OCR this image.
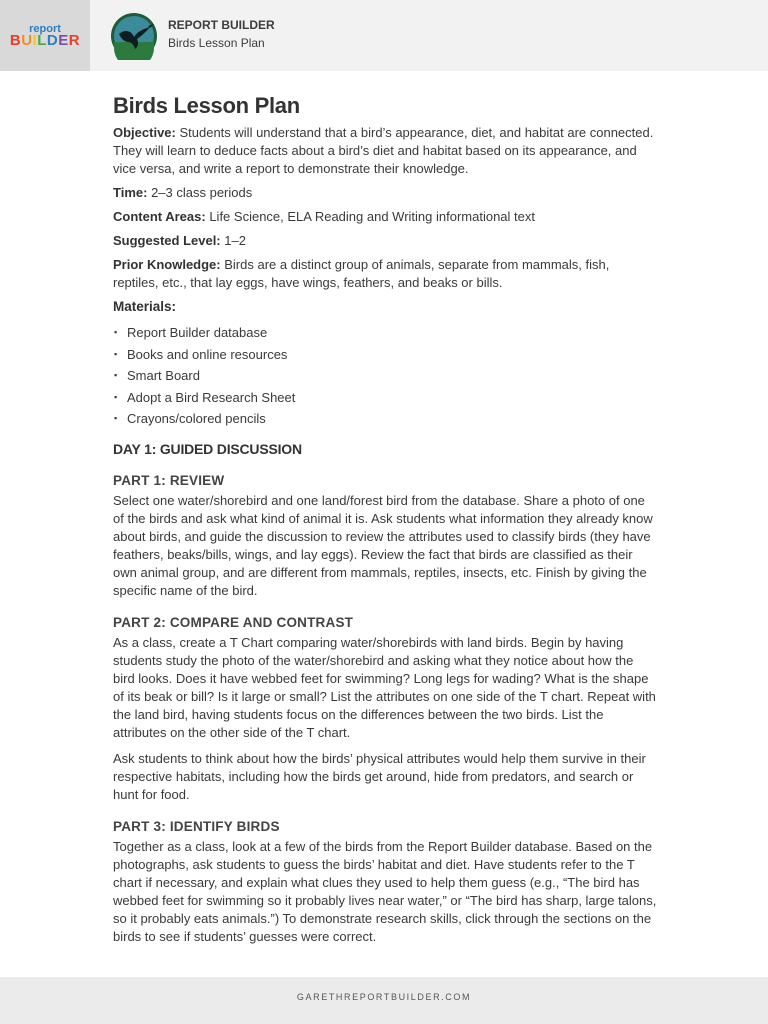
report
BUILDER
REPORT BUILDER
Birds Lesson Plan
Birds Lesson Plan

Objective: Students will understand that a bird’s appearance, diet, and habitat are connected. They will learn to deduce facts about a bird’s diet and habitat based on its appearance, and vice versa, and write a report to demonstrate their knowledge.

Time: 2–3 class periods

Content Areas: Life Science, ELA Reading and Writing informational text

Suggested Level: 1–2

Prior Knowledge: Birds are a distinct group of animals, separate from mammals, fish, reptiles, etc., that lay eggs, have wings, feathers, and beaks or bills.

Materials:
▪ Report Builder database
▪ Books and online resources
▪ Smart Board
▪ Adopt a Bird Research Sheet
▪ Crayons/colored pencils
DAY 1: GUIDED DISCUSSION
PART 1: REVIEW

Select one water/shorebird and one land/forest bird from the database. Share a photo of one of the birds and ask what kind of animal it is. Ask students what information they already know about birds, and guide the discussion to review the attributes used to classify birds (they have feathers, beaks/bills, wings, and lay eggs). Review the fact that birds are classified as their own animal group, and are different from mammals, reptiles, insects, etc. Finish by giving the specific name of the bird.

PART 2: COMPARE AND CONTRAST

As a class, create a T Chart comparing water/shorebirds with land birds. Begin by having students study the photo of the water/shorebird and asking what they notice about how the bird looks. Does it have webbed feet for swimming? Long legs for wading? What is the shape of its beak or bill? Is it large or small? List the attributes on one side of the T chart. Repeat with the land bird, having students focus on the differences between the two birds. List the attributes on the other side of the T chart.

Ask students to think about how the birds’ physical attributes would help them survive in their respective habitats, including how the birds get around, hide from predators, and search or hunt for food.

PART 3: IDENTIFY BIRDS

Together as a class, look at a few of the birds from the Report Builder database. Based on the photographs, ask students to guess the birds’ habitat and diet. Have students refer to the T chart if necessary, and explain what clues they used to help them guess (e.g., “The bird has webbed feet for swimming so it probably lives near water,” or “The bird has sharp, large talons, so it probably eats animals.”) To demonstrate research skills, click through the sections on the birds to see if students’ guesses were correct.

GARETHREPORTBUILDER.COM
